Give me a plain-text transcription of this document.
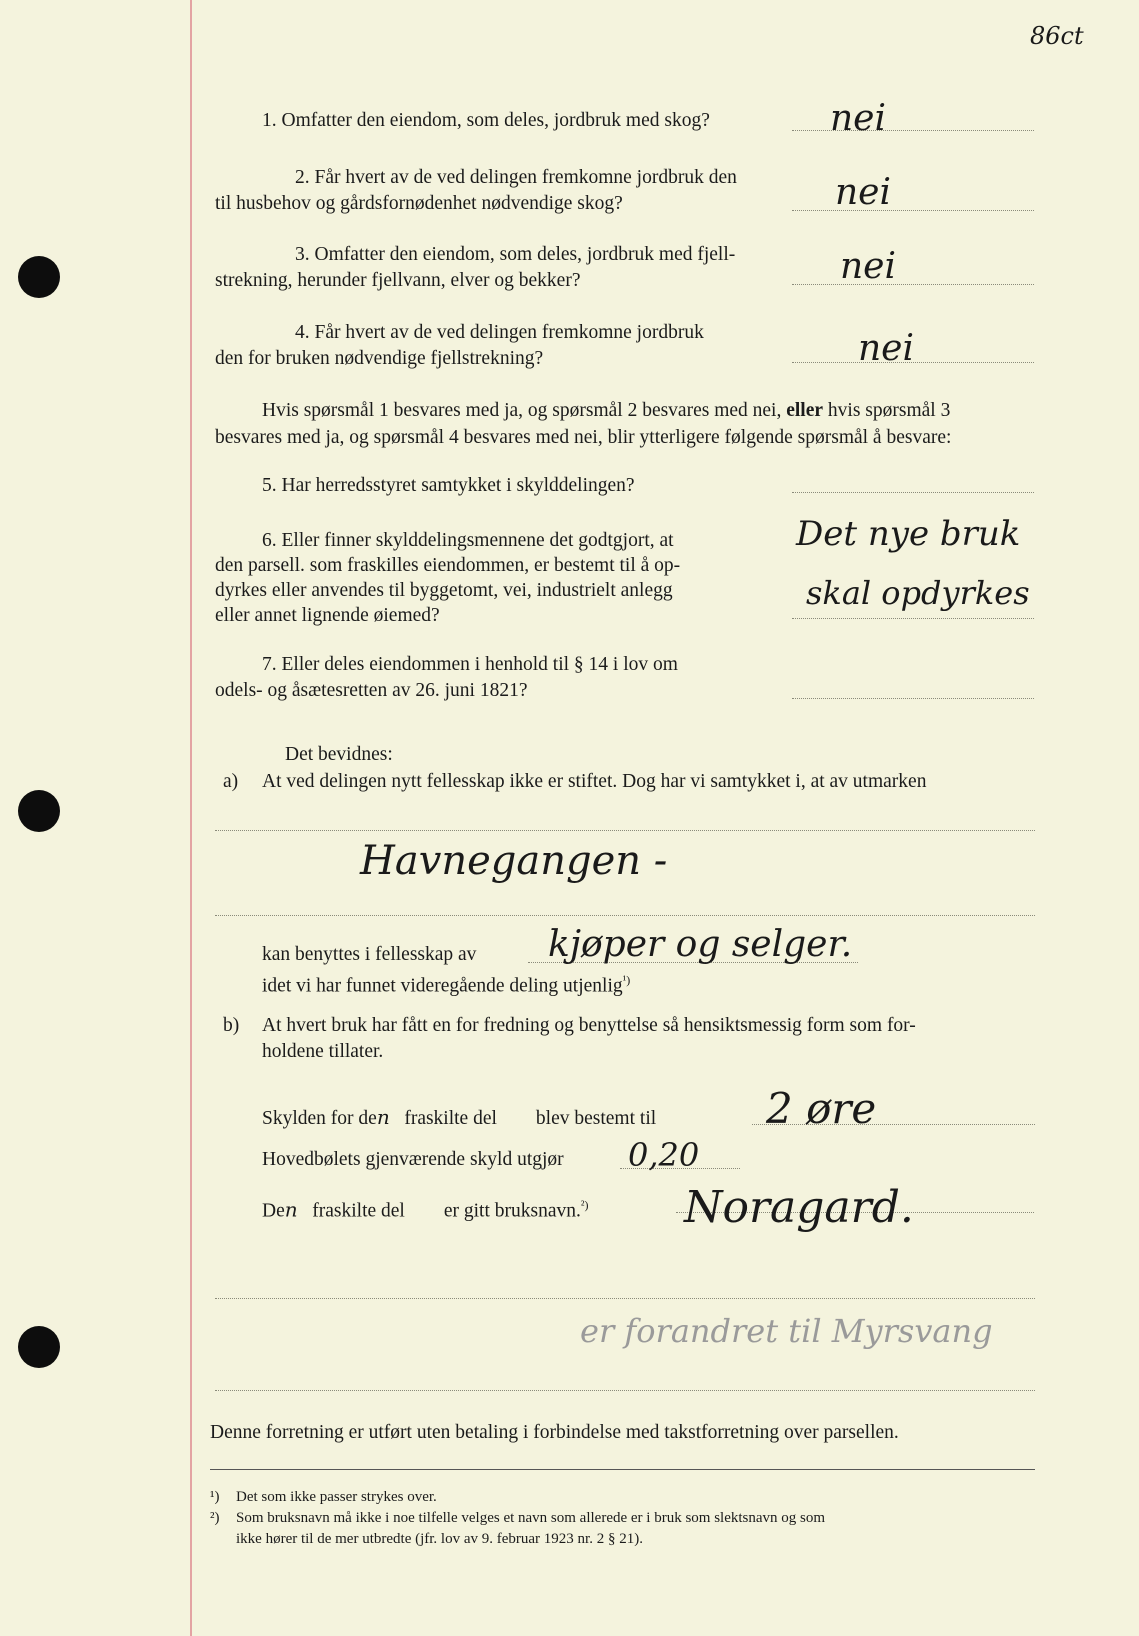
86ct
1. Omfatter den eiendom, som deles, jordbruk med skog?	nei
2. Får hvert av de ved delingen fremkomne jordbruk den
til husbehov og gårdsfornødenhet nødvendige skog?	nei
3. Omfatter den eiendom, som deles, jordbruk med fjell-
strekning, herunder fjellvann, elver og bekker?	nei
4. Får hvert av de ved delingen fremkomne jordbruk
den for bruken nødvendige fjellstrekning?	nei
Hvis spørsmål 1 besvares med ja, og spørsmål 2 besvares med nei, eller hvis spørsmål 3
besvares med ja, og spørsmål 4 besvares med nei, blir ytterligere følgende spørsmål å besvare:
5. Har herredsstyret samtykket i skylddelingen?
6. Eller finner skylddelingsmennene det godtgjort, at
den parsell. som fraskilles eiendommen, er bestemt til å op-
dyrkes eller anvendes til byggetomt, vei, industrielt anlegg
eller annet lignende øiemed?
Det nye bruk
skal opdyrkes
7. Eller deles eiendommen i henhold til § 14 i lov om
odels- og åsætesretten av 26. juni 1821?
Det bevidnes:
a) At ved delingen nytt fellesskap ikke er stiftet. Dog har vi samtykket i, at av utmarken
Havnegangen -
kan benyttes i fellesskap av kjøper og selger.
idet vi har funnet videregående deling utjenlig$^{^1)}$
b) At hvert bruk har fått en for fredning og benyttelse så hensiktsmessig form som for-
holdene tillater.
Skylden for den fraskilte del blev bestemt til	2 øre
Hovedbølets gjenværende skyld utgjør 0,20
Den fraskilte del er gitt bruksnavn.$^{^2)}$ Noragard.
er forandret til Myrsvang
Denne forretning er utført uten betaling i forbindelse med takstforretning over parsellen.
¹) Det som ikke passer strykes over.
²) Som bruksnavn må ikke i noe tilfelle velges et navn som allerede er i bruk som slektsnavn og som
ikke hører til de mer utbredte (jfr. lov av 9. februar 1923 nr. 2 § 21).
